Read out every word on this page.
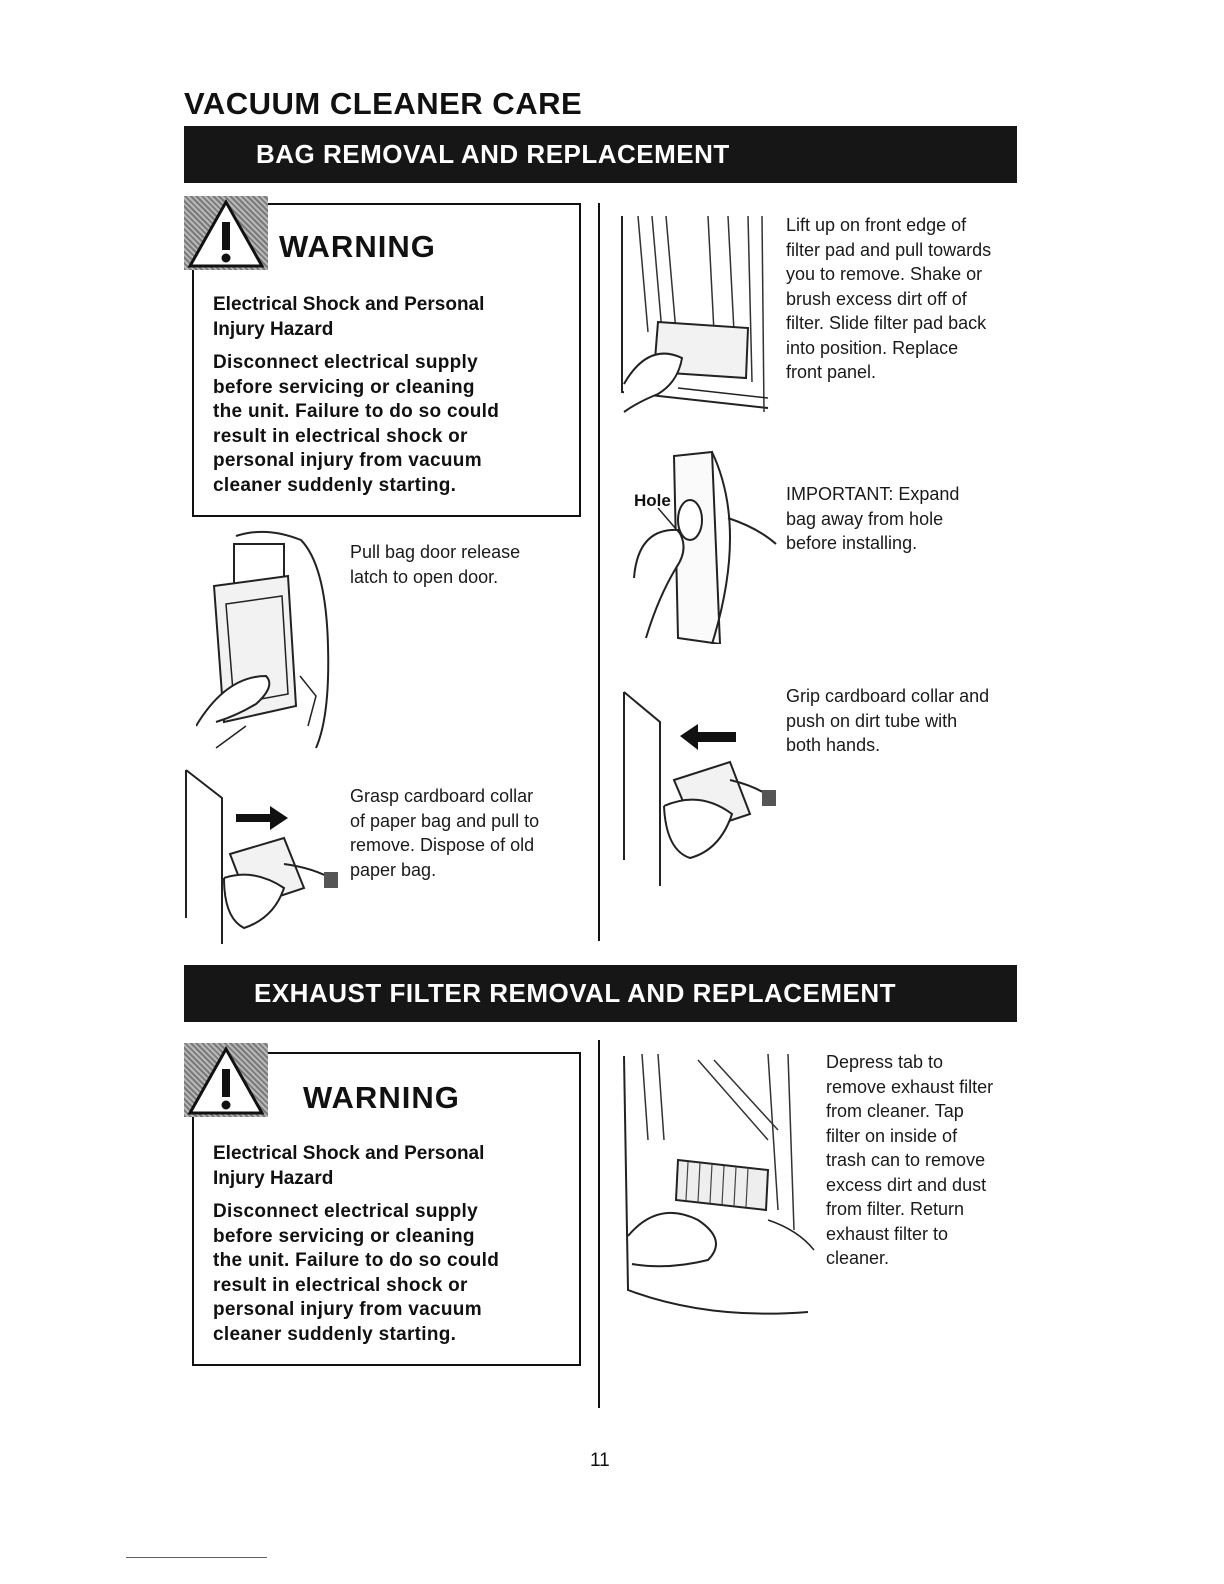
VACUUM CLEANER CARE
BAG REMOVAL AND REPLACEMENT
WARNING
Electrical Shock and Personal
Injury Hazard
Disconnect electrical supply
before servicing or cleaning
the unit. Failure to do so could
result in electrical shock or
personal injury from vacuum
cleaner suddenly starting.
Pull bag door release
latch to open door.
Grasp cardboard collar
of paper bag and pull to
remove. Dispose of old
paper bag.
Lift up on front edge of
filter pad and pull towards
you to remove. Shake or
brush excess dirt off of
filter. Slide filter pad back
into position. Replace
front panel.
Hole	IMPORTANT: Expand
bag away from hole
before installing.
Grip cardboard collar and
push on dirt tube with
both hands.
EXHAUST FILTER REMOVAL AND REPLACEMENT
WARNING
Electrical Shock and Personal
Injury Hazard
Disconnect electrical supply
before servicing or cleaning
the unit. Failure to do so could
result in electrical shock or
personal injury from vacuum
cleaner suddenly starting.
Depress tab to
remove exhaust filter
from cleaner. Tap
filter on inside of
trash can to remove
excess dirt and dust
from filter. Return
exhaust filter to
cleaner.
11
